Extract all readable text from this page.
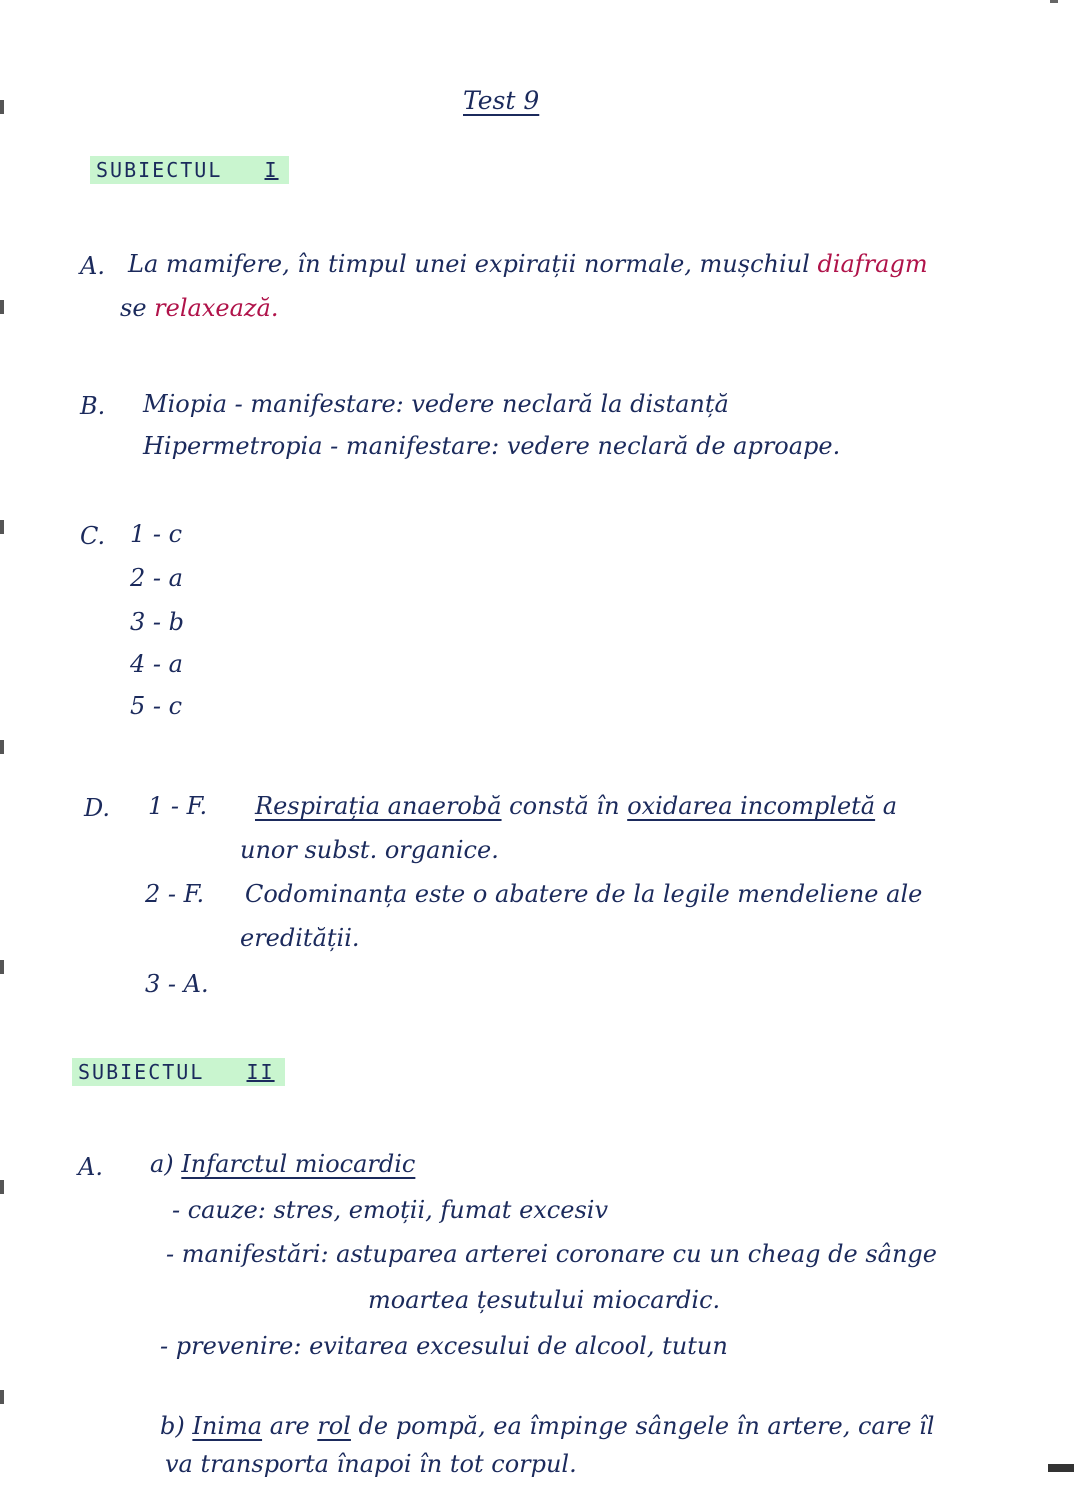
Test 9
SUBIECTUL I
A. La mamifere, în timpul unei expirații normale, mușchiul diafragm
se relaxează.
B. Miopia - manifestare: vedere neclară la distanță
Hipermetropia - manifestare: vedere neclară de aproape.
C. 1 - c
2 - a
3 - b
4 - a
5 - c
D. 1 - F. Respirația anaerobă constă în oxidarea incompletă a
unor subst. organice.
2 - F. Codominanța este o abatere de la legile mendeliene ale
eredității.
3 - A.
SUBIECTUL II
A. a) Infarctul miocardic
- cauze: stres, emoții, fumat excesiv
- manifestări: astuparea arterei coronare cu un cheag de sânge
moartea țesutului miocardic.
- prevenire: evitarea excesului de alcool, tutun
b) Inima are rol de pompă, ea împinge sângele în artere, care îl
va transporta înapoi în tot corpul.
